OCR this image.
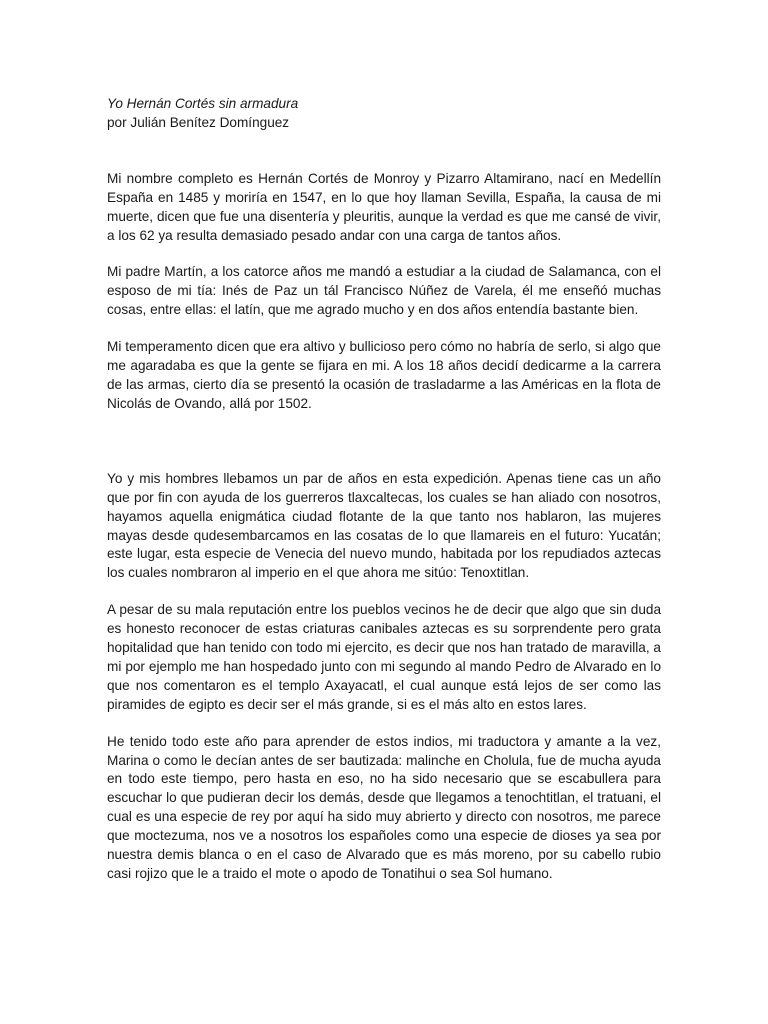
Yo Hernán Cortés sin armadura

por Julián Benítez Domínguez

Mi nombre completo es Hernán Cortés de Monroy y Pizarro Altamirano, nací en Medellín España en 1485 y moriría en 1547, en lo que hoy llaman Sevilla, España, la causa de mi muerte, dicen que fue una disentería y pleuritis, aunque la verdad es que me cansé de vivir, a los 62 ya resulta demasiado pesado andar con una carga de tantos años.

Mi padre Martín, a los catorce años me mandó a estudiar a la ciudad de Salamanca, con el esposo de mi tía: Inés de Paz un tál Francisco Núñez de Varela, él me enseñó muchas cosas, entre ellas: el latín, que me agrado mucho y en dos años entendía bastante bien.

Mi temperamento dicen que era altivo y bullicioso pero cómo no habría de serlo, si algo que me agaradaba es que la gente se fijara en mi. A los 18 años decidí dedicarme a la carrera de las armas, cierto día se presentó la ocasión de trasladarme a las Américas en la flota de Nicolás de Ovando, allá por 1502.

Yo y mis hombres llebamos un par de años en esta expedición. Apenas tiene cas un año que por fin con ayuda de los guerreros tlaxcaltecas, los cuales se han aliado con nosotros, hayamos aquella enigmática ciudad flotante de la que tanto nos hablaron, las mujeres mayas desde qudesembarcamos en las cosatas de lo que llamareis en el futuro: Yucatán; este lugar, esta especie de Venecia del nuevo mundo, habitada por los repudiados aztecas los cuales nombraron al imperio en el que ahora me sitúo: Tenoxtitlan.

A pesar de su mala reputación entre los pueblos vecinos he de decir que algo que sin duda es honesto reconocer de estas criaturas canibales aztecas es su sorprendente pero grata hopitalidad que han tenido con todo mi ejercito, es decir que nos han tratado de maravilla, a mi por ejemplo me han hospedado junto con mi segundo al mando Pedro de Alvarado en lo que nos comentaron es el templo Axayacatl, el cual aunque está lejos de ser como las piramides de egipto es decir ser el más grande, si es el más alto en estos lares.

He tenido todo este año para aprender de estos indios, mi traductora y amante a la vez, Marina o como le decían antes de ser bautizada: malinche en Cholula, fue de mucha ayuda en todo este tiempo, pero hasta en eso, no ha sido necesario que se escabullera para escuchar lo que pudieran decir los demás, desde que llegamos a tenochtitlan, el tratuani, el cual es una especie de rey por aquí ha sido muy abrierto y directo con nosotros, me parece que moctezuma, nos ve a nosotros los españoles como una especie de dioses ya sea por nuestra demis blanca o en el caso de Alvarado que es más moreno, por su cabello rubio casi rojizo que le a traido el mote o apodo de Tonatihui o sea Sol humano.
